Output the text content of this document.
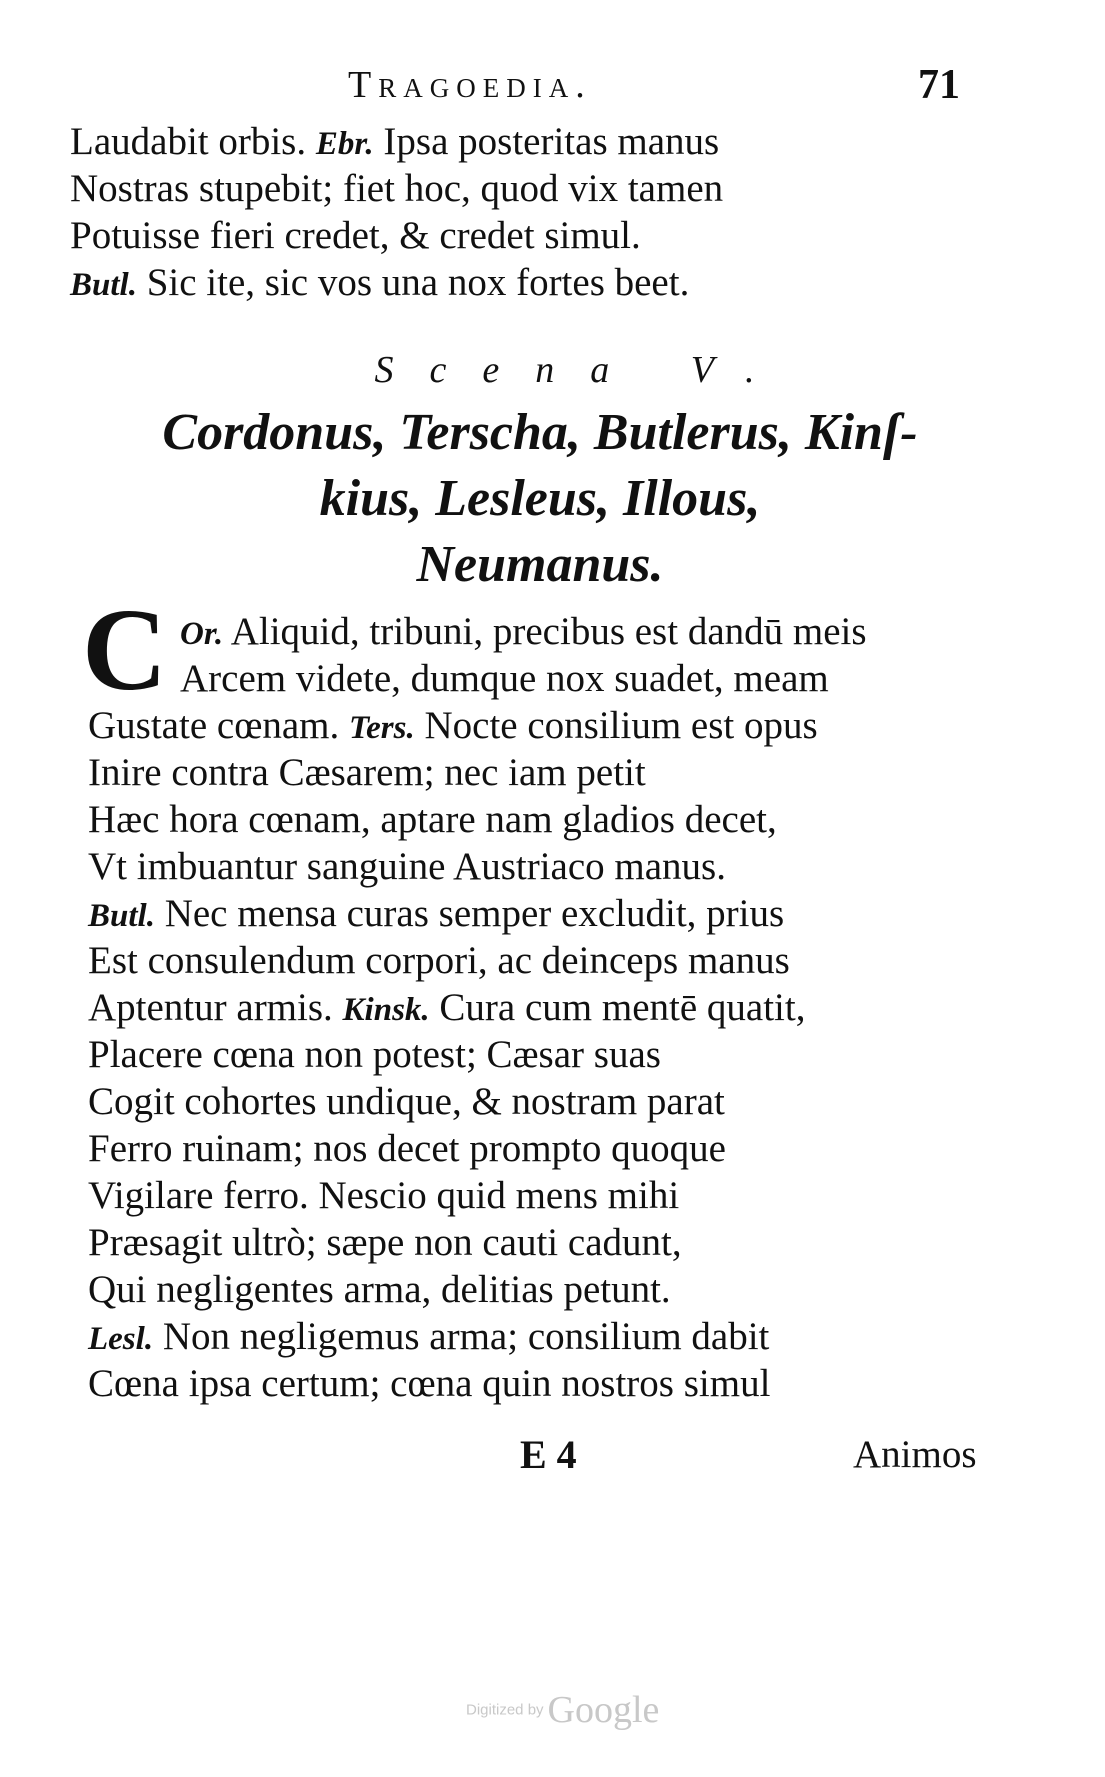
Tragoedia.	71
Laudabit orbis. Ebr. Ipsa posteritas manus
Nostras stupebit; fiet hoc, quod vix tamen
Potuisse fieri credet, & credet simul.
Butl. Sic ite, sic vos una nox fortes beet.
Scena V.
Cordonus, Terscha, Butlerus, Kinſ-
kius, Lesleus, Illous,
Neumanus.
C Or. Aliquid, tribuni, precibus est dandū meis
Arcem videte, dumque nox suadet, meam
Gustate cœnam. Ters. Nocte consilium est opus
Inire contra Cæsarem; nec iam petit
Hæc hora cœnam, aptare nam gladios decet,
Vt imbuantur sanguine Austriaco manus.
Butl. Nec mensa curas semper excludit, prius
Est consulendum corpori, ac deinceps manus
Aptentur armis. Kinsk. Cura cum mentē quatit,
Placere cœna non potest; Cæsar suas
Cogit cohortes undique, & nostram parat
Ferro ruinam; nos decet prompto quoque
Vigilare ferro. Nescio quid mens mihi
Præsagit ultrò; sæpe non cauti cadunt,
Qui negligentes arma, delitias petunt.
Lesl. Non negligemus arma; consilium dabit
Cœna ipsa certum; cœna quin nostros simul
E 4	Animos
Digitized by Google
